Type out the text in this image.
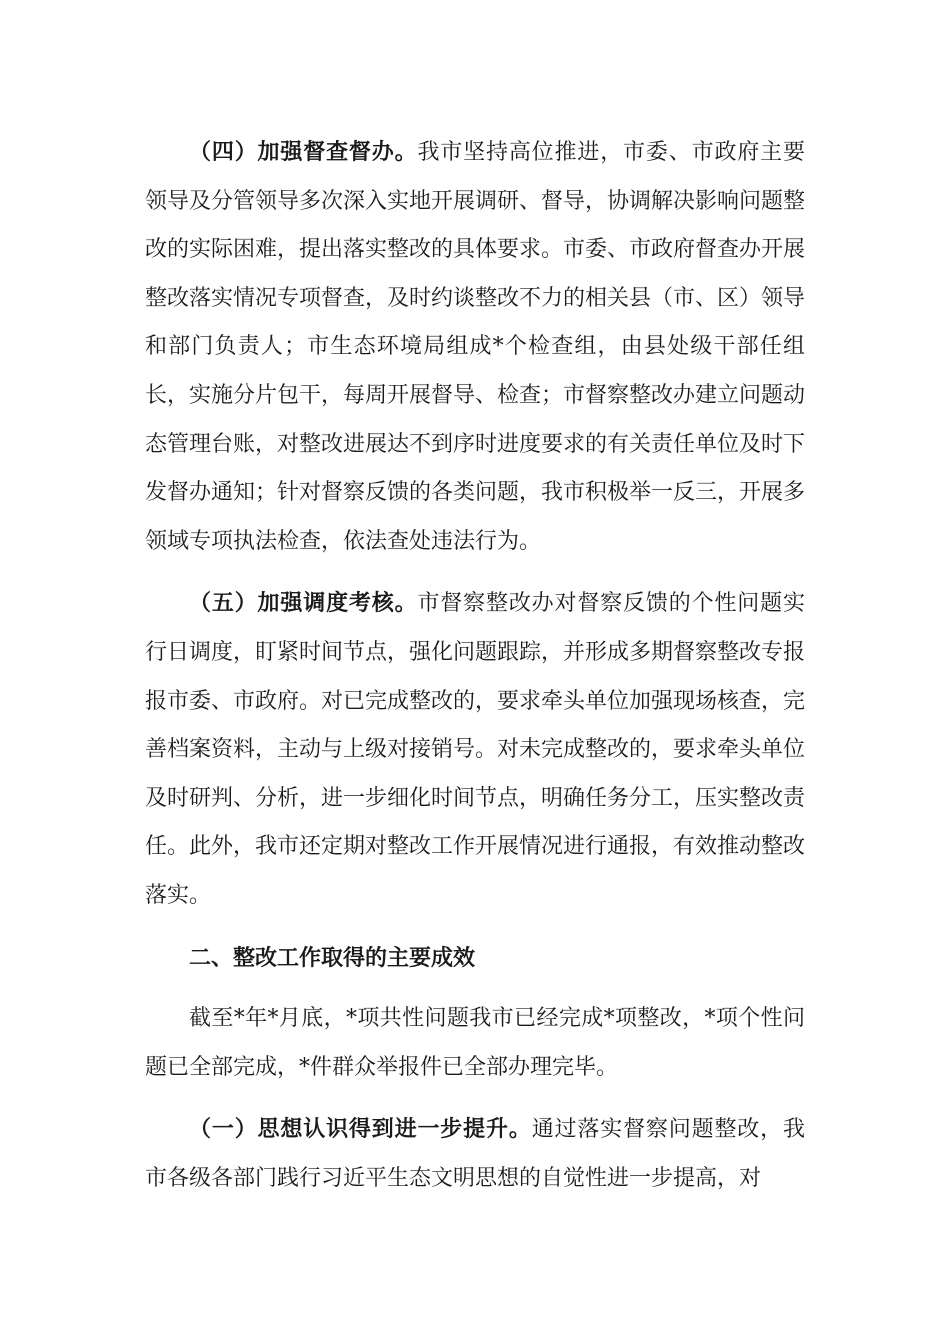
（四）加强督查督办。我市坚持高位推进，市委、市政府主要领导及分管领导多次深入实地开展调研、督导，协调解决影响问题整改的实际困难，提出落实整改的具体要求。市委、市政府督查办开展整改落实情况专项督查，及时约谈整改不力的相关县（市、区）领导和部门负责人；市生态环境局组成*个检查组，由县处级干部任组长，实施分片包干，每周开展督导、检查；市督察整改办建立问题动态管理台账，对整改进展达不到序时进度要求的有关责任单位及时下发督办通知；针对督察反馈的各类问题，我市积极举一反三，开展多领域专项执法检查，依法查处违法行为。

（五）加强调度考核。市督察整改办对督察反馈的个性问题实行日调度，盯紧时间节点，强化问题跟踪，并形成多期督察整改专报报市委、市政府。对已完成整改的，要求牵头单位加强现场核查，完善档案资料，主动与上级对接销号。对未完成整改的，要求牵头单位及时研判、分析，进一步细化时间节点，明确任务分工，压实整改责任。此外，我市还定期对整改工作开展情况进行通报，有效推动整改落实。

二、整改工作取得的主要成效

截至*年*月底，*项共性问题我市已经完成*项整改，*项个性问题已全部完成，*件群众举报件已全部办理完毕。

（一）思想认识得到进一步提升。通过落实督察问题整改，我市各级各部门践行习近平生态文明思想的自觉性进一步提高，对
